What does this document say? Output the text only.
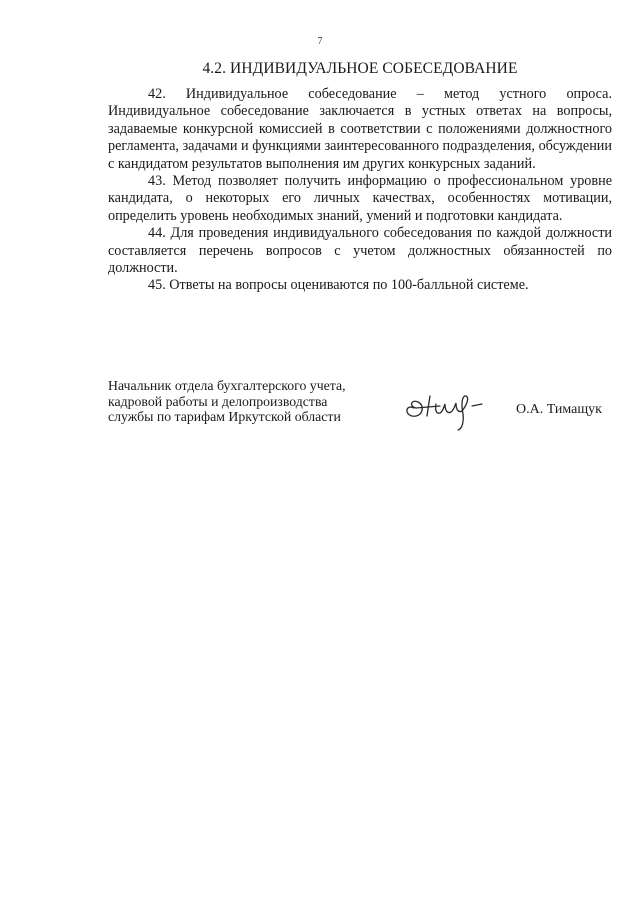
7
4.2. ИНДИВИДУАЛЬНОЕ СОБЕСЕДОВАНИЕ

42. Индивидуальное собеседование – метод устного опроса. Индивидуальное собеседование заключается в устных ответах на вопросы, задаваемые конкурсной комиссией в соответствии с положениями должностного регламента, задачами и функциями заинтересованного подразделения, обсуждении с кандидатом результатов выполнения им других конкурсных заданий.

43. Метод позволяет получить информацию о профессиональном уровне кандидата, о некоторых его личных качествах, особенностях мотивации, определить уровень необходимых знаний, умений и подготовки кандидата.

44. Для проведения индивидуального собеседования по каждой должности составляется перечень вопросов с учетом должностных обязанностей по должности.

45. Ответы на вопросы оцениваются по 100-балльной системе.

Начальник отдела бухгалтерского учета,
кадровой работы и делопроизводства
службы по тарифам Иркутской области	О.А. Тимащук
